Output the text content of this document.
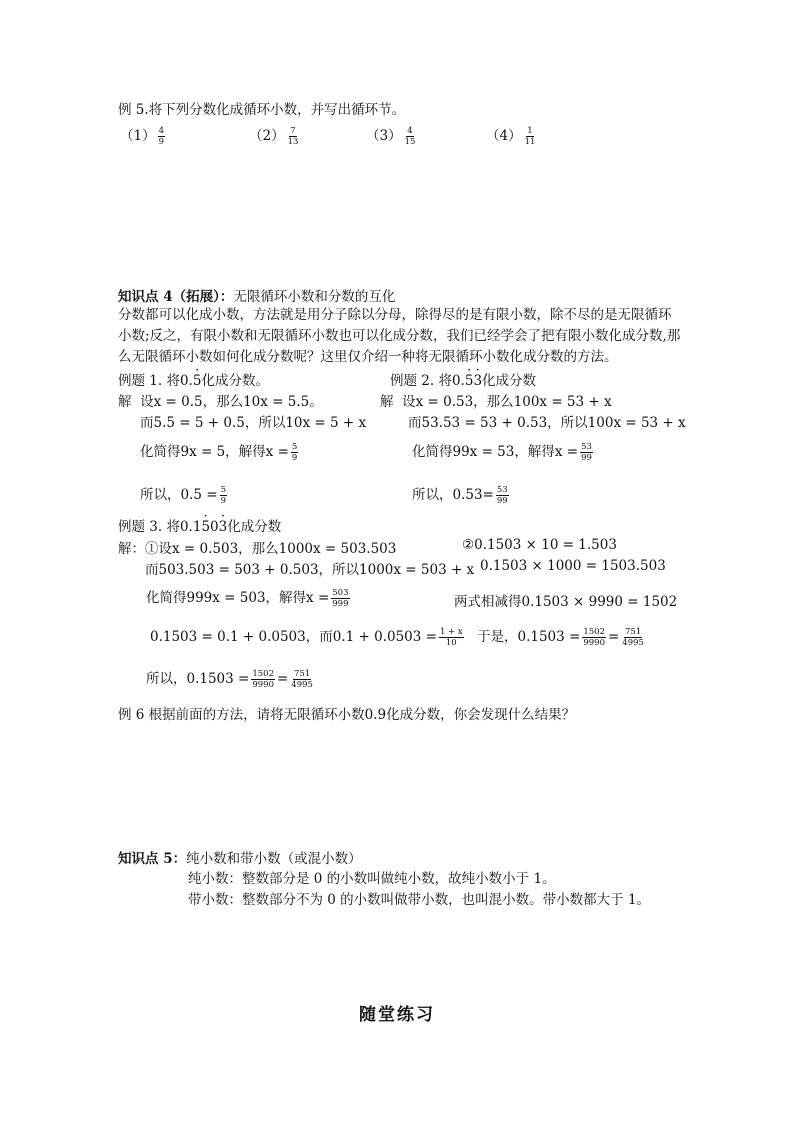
例 5.将下列分数化成循环小数，并写出循环节。
$(1) \frac{4}{9}$	$(2) \frac{7}{13}$	$(3) \frac{4}{15}$	$(4) \frac{1}{11}$
知识点 4（拓展）：无限循环小数和分数的互化
分数都可以化成小数，方法就是用分子除以分母，除得尽的是有限小数，除不尽的是无限循环小数;反之，有限小数和无限循环小数也可以化成分数，我们已经学会了把有限小数化成分数,那么无限循环小数如何化成分数呢？这里仅介绍一种将无限循环小数化成分数的方法。
例题 1. 将0.· 5化成分数。
解 设x = 0.5，那么10x = 5.5。
而5.5 = 5 + 0.5，所以10x = 5 + x
化简得9x = 5，解得$x = \frac{5}{9}$
所以，$0.5 = \frac{5}{9}$
例题 2. 将0.· 5· 3化成分数
解 设x = 0.53，那么100x = 53 + x
而53.53 = 53 + 0.53，所以100x = 53 + x
化简得99x = 53，解得$x = \frac{53}{99}$
所以，$0.53= \frac{53}{99}$
例题 3. 将0.1· 50· 3化成分数
解：①设x = 0.503，那么1000x = 503.503
而503.503 = 503 + 0.503，所以1000x = 503 + x
化简得999x = 503，解得$x = \frac{503}{999}$
0.1503 = 0.1 + 0.0503，而$0.1 + 0.0503 = \frac{1 + x}{10}$
所以，$0.1503 = \frac{1502}{9990} = \frac{751}{4995}$
②0.1503 × 10 = 1.503
0.1503 × 1000 = 1503.503
两式相减得0.1503 × 9990 = 1502
于是，$0.1503 = \frac{1502}{9990} = \frac{751}{4995}$
例 6 根据前面的方法，请将无限循环小数0.9化成分数，你会发现什么结果？
知识点 5：纯小数和带小数（或混小数）
纯小数：整数部分是 0 的小数叫做纯小数，故纯小数小于 1。
带小数：整数部分不为 0 的小数叫做带小数，也叫混小数。带小数都大于 1。
随堂练习
